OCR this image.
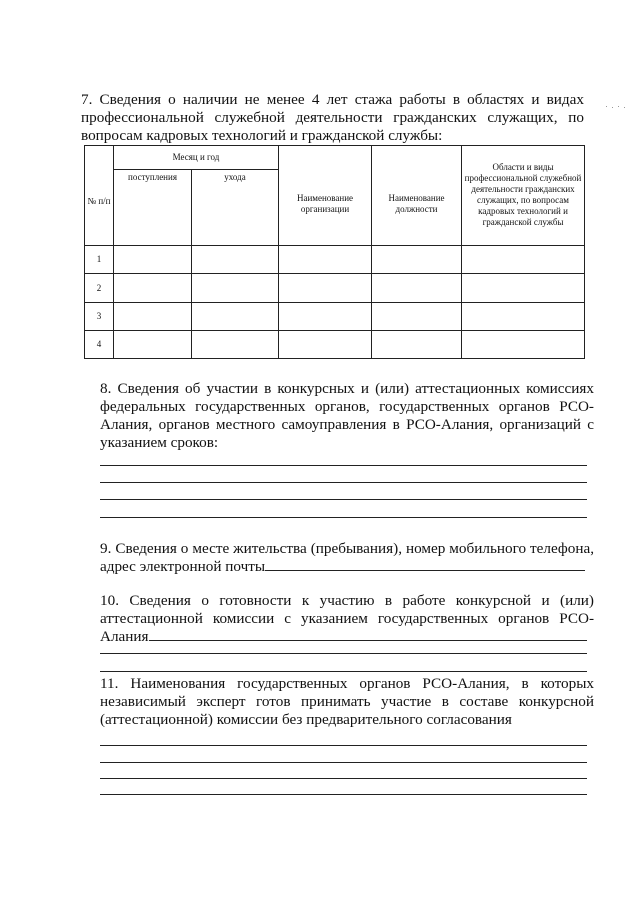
7. Сведения о наличии не менее 4 лет стажа работы в областях и видах профессиональной служебной деятельности гражданских служащих, по вопросам кадровых технологий и гражданской службы:

№ п/п	Месяц и год		Наименование организации	Наименование должности	Области и виды профессиональной служебной деятельности гражданских служащих, по вопросам кадровых технологий и гражданской службы
	поступления	ухода			
1					
2					
3					
4					

8. Сведения об участии в конкурсных и (или) аттестационных комиссиях федеральных государственных органов, государственных органов РСО-Алания, органов местного самоуправления в РСО-Алания, организаций с указанием сроков:

9. Сведения о месте жительства (пребывания), номер мобильного телефона, адрес электронной почты

10. Сведения о готовности к участию в работе конкурсной и (или) аттестационной комиссии с указанием государственных органов РСО-Алания

11. Наименования государственных органов РСО-Алания, в которых независимый эксперт готов принимать участие в составе конкурсной (аттестационной) комиссии без предварительного согласования
